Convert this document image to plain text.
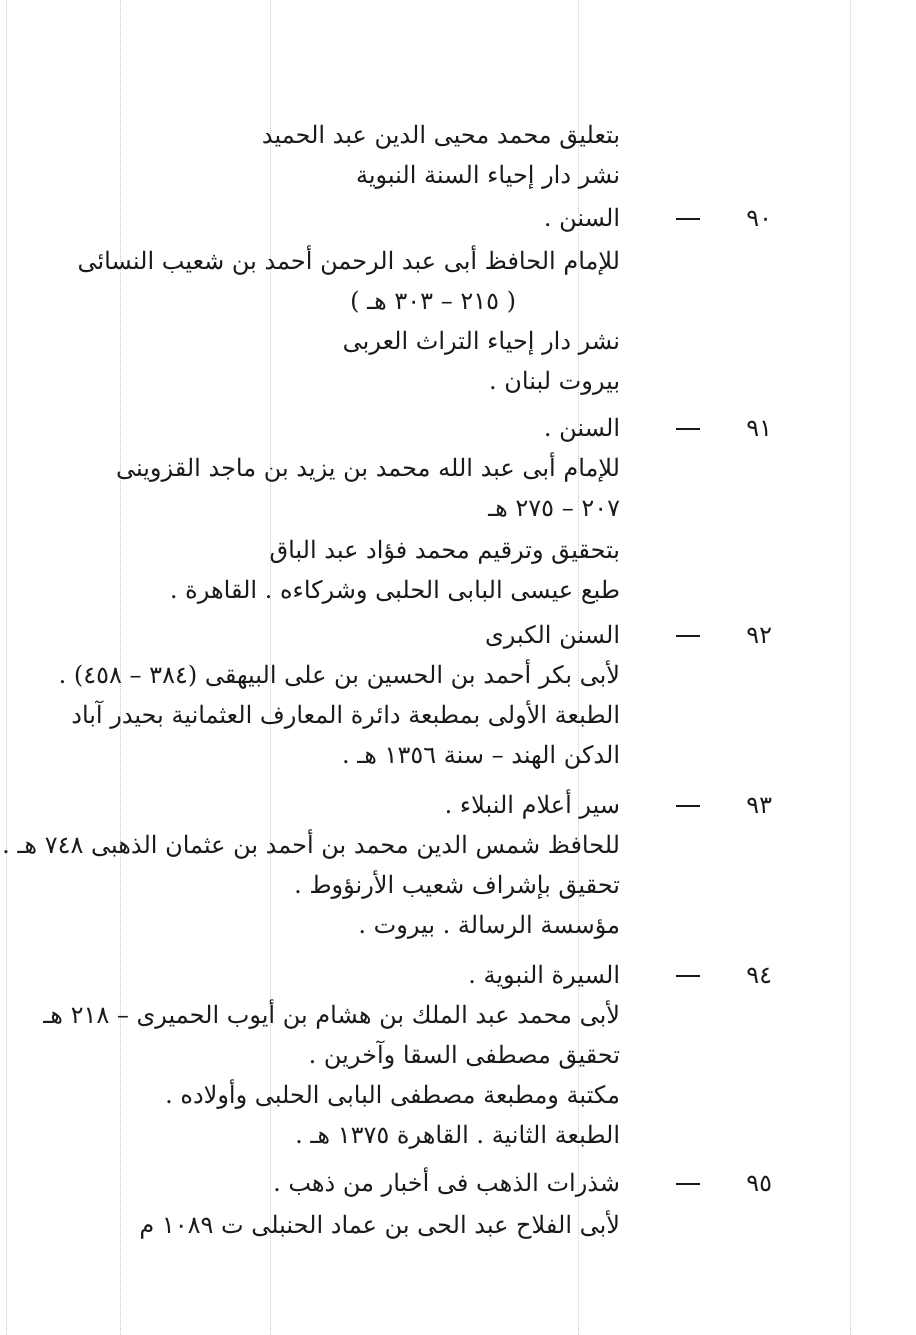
بتعليق محمد محيى الدين عبد الحميد
نشر دار إحياء السنة النبوية
٩٠
السنن .
للإمام الحافظ أبى عبد الرحمن أحمد بن شعيب النسائى
( ٢١٥ – ٣٠٣ هـ )
نشر دار إحياء التراث العربى
بيروت لبنان .
٩١
السنن .
للإمام أبى عبد الله محمد بن يزيد بن ماجد القزوينى
٢٠٧ – ٢٧٥ هـ
بتحقيق وترقيم محمد فؤاد عبد الباق
طبع عيسى البابى الحلبى وشركاءه . القاهرة .
٩٢
السنن الكبرى
لأبى بكر أحمد بن الحسين بن على البيهقى (٣٨٤ – ٤٥٨) .
الطبعة الأولى بمطبعة دائرة المعارف العثمانية بحيدر آباد
الدكن الهند – سنة ١٣٥٦ هـ .
٩٣
سير أعلام النبلاء .
للحافظ شمس الدين محمد بن أحمد بن عثمان الذهبى ٧٤٨ هـ .
تحقيق بإشراف شعيب الأرنؤوط .
مؤسسة الرسالة . بيروت .
٩٤
السيرة النبوية .
لأبى محمد عبد الملك بن هشام بن أيوب الحميرى – ٢١٨ هـ
تحقيق مصطفى السقا وآخرين .
مكتبة ومطبعة مصطفى البابى الحلبى وأولاده .
الطبعة الثانية . القاهرة ١٣٧٥ هـ .
٩٥
شذرات الذهب فى أخبار من ذهب .
لأبى الفلاح عبد الحى بن عماد الحنبلى ت ١٠٨٩ م
